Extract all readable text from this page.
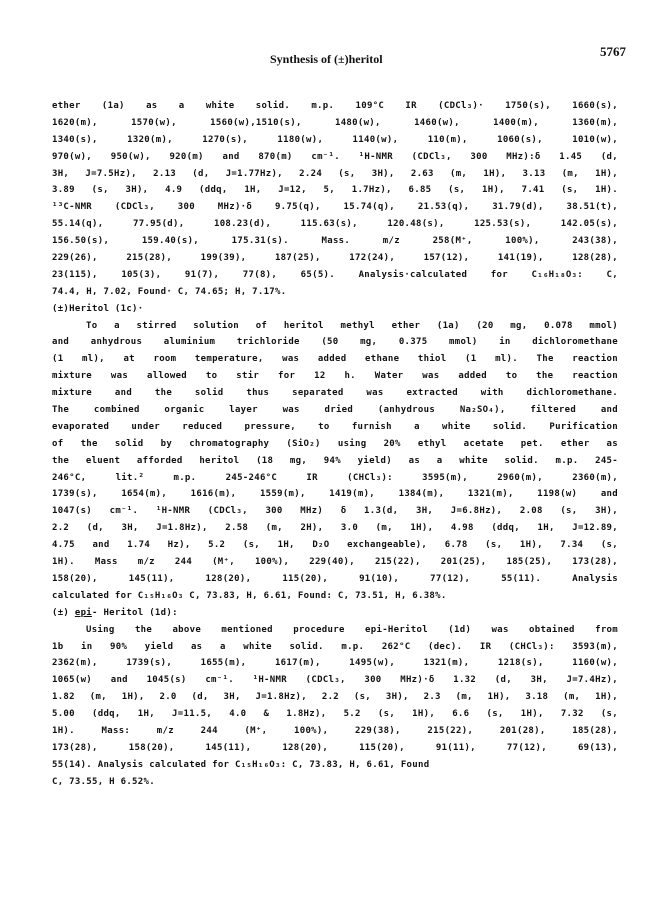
Synthesis of (±)heritol	5767
ether (1a) as a white solid. m.p. 109°C IR (CDCl₃)· 1750(s), 1660(s),
1620(m), 1570(w), 1560(w),1510(s), 1480(w), 1460(w), 1400(m), 1360(m),
1340(s), 1320(m), 1270(s), 1180(w), 1140(w), 110(m), 1060(s), 1010(w),
970(w), 950(w), 920(m) and 870(m) cm⁻¹. ¹H-NMR (CDCl₃, 300 MHz):δ 1.45 (d,
3H, J=7.5Hz), 2.13 (d, J=1.77Hz), 2.24 (s, 3H), 2.63 (m, 1H), 3.13 (m, 1H),
3.89 (s, 3H), 4.9 (ddq, 1H, J=12, 5, 1.7Hz), 6.85 (s, 1H), 7.41 (s, 1H).
¹³C-NMR (CDCl₃, 300 MHz)·δ 9.75(q), 15.74(q), 21.53(q), 31.79(d), 38.51(t),
55.14(q), 77.95(d), 108.23(d), 115.63(s), 120.48(s), 125.53(s), 142.05(s),
156.50(s), 159.40(s), 175.31(s). Mass. m/z 258(M⁺, 100%), 243(38),
229(26), 215(28), 199(39), 187(25), 172(24), 157(12), 141(19), 128(28),
23(115), 105(3), 91(7), 77(8), 65(5). Analysis·calculated for C₁₆H₁₈O₃: C,
74.4, H, 7.02, Found· C, 74.65; H, 7.17%.
(±)Heritol (1c)·
To a stirred solution of heritol methyl ether (1a) (20 mg, 0.078 mmol)
and anhydrous aluminium trichloride (50 mg, 0.375 mmol) in dichloromethane
(1 ml), at room temperature, was added ethane thiol (1 ml). The reaction
mixture was allowed to stir for 12 h. Water was added to the reaction
mixture and the solid thus separated was extracted with dichloromethane.
The combined organic layer was dried (anhydrous Na₂SO₄), filtered and
evaporated under reduced pressure, to furnish a white solid. Purification
of the solid by chromatography (SiO₂) using 20% ethyl acetate pet. ether as
the eluent afforded heritol (18 mg, 94% yield) as a white solid. m.p. 245-
246°C, lit.² m.p. 245-246°C IR (CHCl₃): 3595(m), 2960(m), 2360(m),
1739(s), 1654(m), 1616(m), 1559(m), 1419(m), 1384(m), 1321(m), 1198(w) and
1047(s) cm⁻¹. ¹H-NMR (CDCl₃, 300 MHz) δ 1.3(d, 3H, J=6.8Hz), 2.08 (s, 3H),
2.2 (d, 3H, J=1.8Hz), 2.58 (m, 2H), 3.0 (m, 1H), 4.98 (ddq, 1H, J=12.89,
4.75 and 1.74 Hz), 5.2 (s, 1H, D₂O exchangeable), 6.78 (s, 1H), 7.34 (s,
1H). Mass m/z 244 (M⁺, 100%), 229(40), 215(22), 201(25), 185(25), 173(28),
158(20), 145(11), 128(20), 115(20), 91(10), 77(12), 55(11). Analysis
calculated for C₁₅H₁₆O₃ C, 73.83, H, 6.61, Found: C, 73.51, H, 6.38%.
(±) epi- Heritol (1d):
Using the above mentioned procedure epi-Heritol (1d) was obtained from
1b in 90% yield as a white solid. m.p. 262°C (dec). IR (CHCl₃): 3593(m),
2362(m), 1739(s), 1655(m), 1617(m), 1495(w), 1321(m), 1218(s), 1160(w),
1065(w) and 1045(s) cm⁻¹. ¹H-NMR (CDCl₃, 300 MHz)·δ 1.32 (d, 3H, J=7.4Hz),
1.82 (m, 1H), 2.0 (d, 3H, J=1.8Hz), 2.2 (s, 3H), 2.3 (m, 1H), 3.18 (m, 1H),
5.00 (ddq, 1H, J=11.5, 4.0 & 1.8Hz), 5.2 (s, 1H), 6.6 (s, 1H), 7.32 (s,
1H). Mass: m/z 244 (M⁺, 100%), 229(38), 215(22), 201(28), 185(28),
173(28), 158(20), 145(11), 128(20), 115(20), 91(11), 77(12), 69(13),
55(14). Analysis calculated for C₁₅H₁₆O₃: C, 73.83, H, 6.61, Found
C, 73.55, H 6.52%.
